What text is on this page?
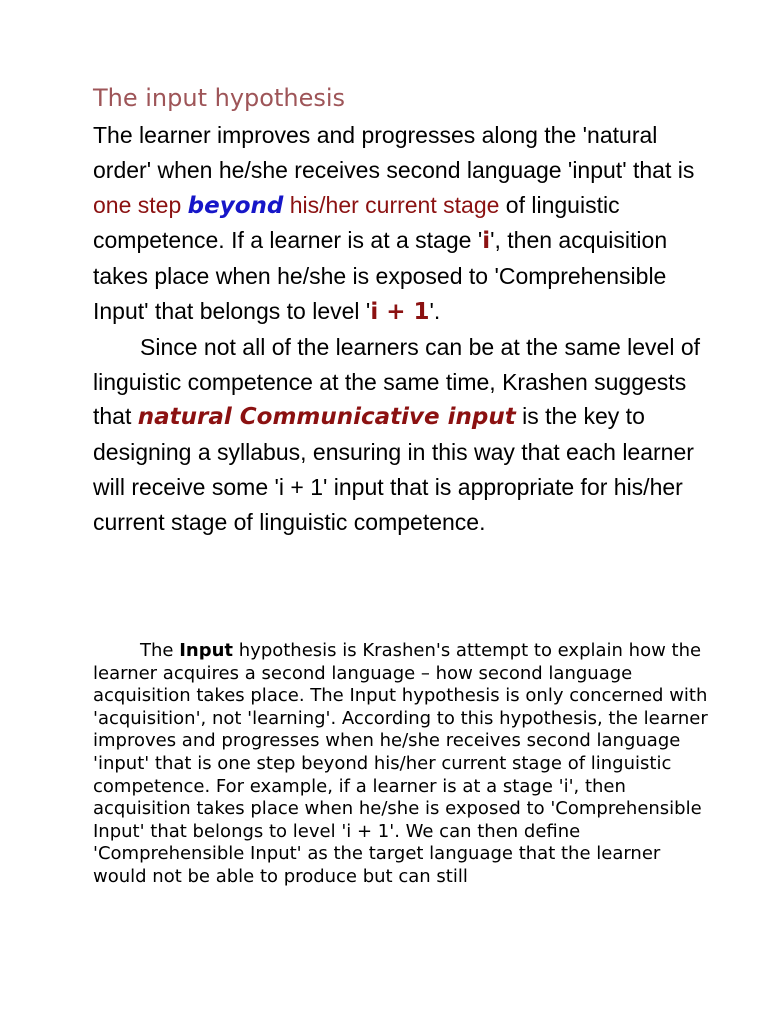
The input hypothesis

The learner improves and progresses along the 'natural order' when he/she receives second language 'input' that is one step beyond his/her current stage of linguistic competence. If a learner is at a stage 'i', then acquisition takes place when he/she is exposed to 'Comprehensible Input' that belongs to level 'i + 1'.

Since not all of the learners can be at the same level of linguistic competence at the same time, Krashen suggests that natural Communicative input is the key to designing a syllabus, ensuring in this way that each learner will receive some 'i + 1' input that is appropriate for his/her current stage of linguistic competence.

The Input hypothesis is Krashen's attempt to explain how the learner acquires a second language – how second language acquisition takes place. The Input hypothesis is only concerned with 'acquisition', not 'learning'. According to this hypothesis, the learner improves and progresses when he/she receives second language 'input' that is one step beyond his/her current stage of linguistic competence. For example, if a learner is at a stage 'i', then acquisition takes place when he/she is exposed to 'Comprehensible Input' that belongs to level 'i + 1'. We can then define 'Comprehensible Input' as the target language that the learner would not be able to produce but can still
